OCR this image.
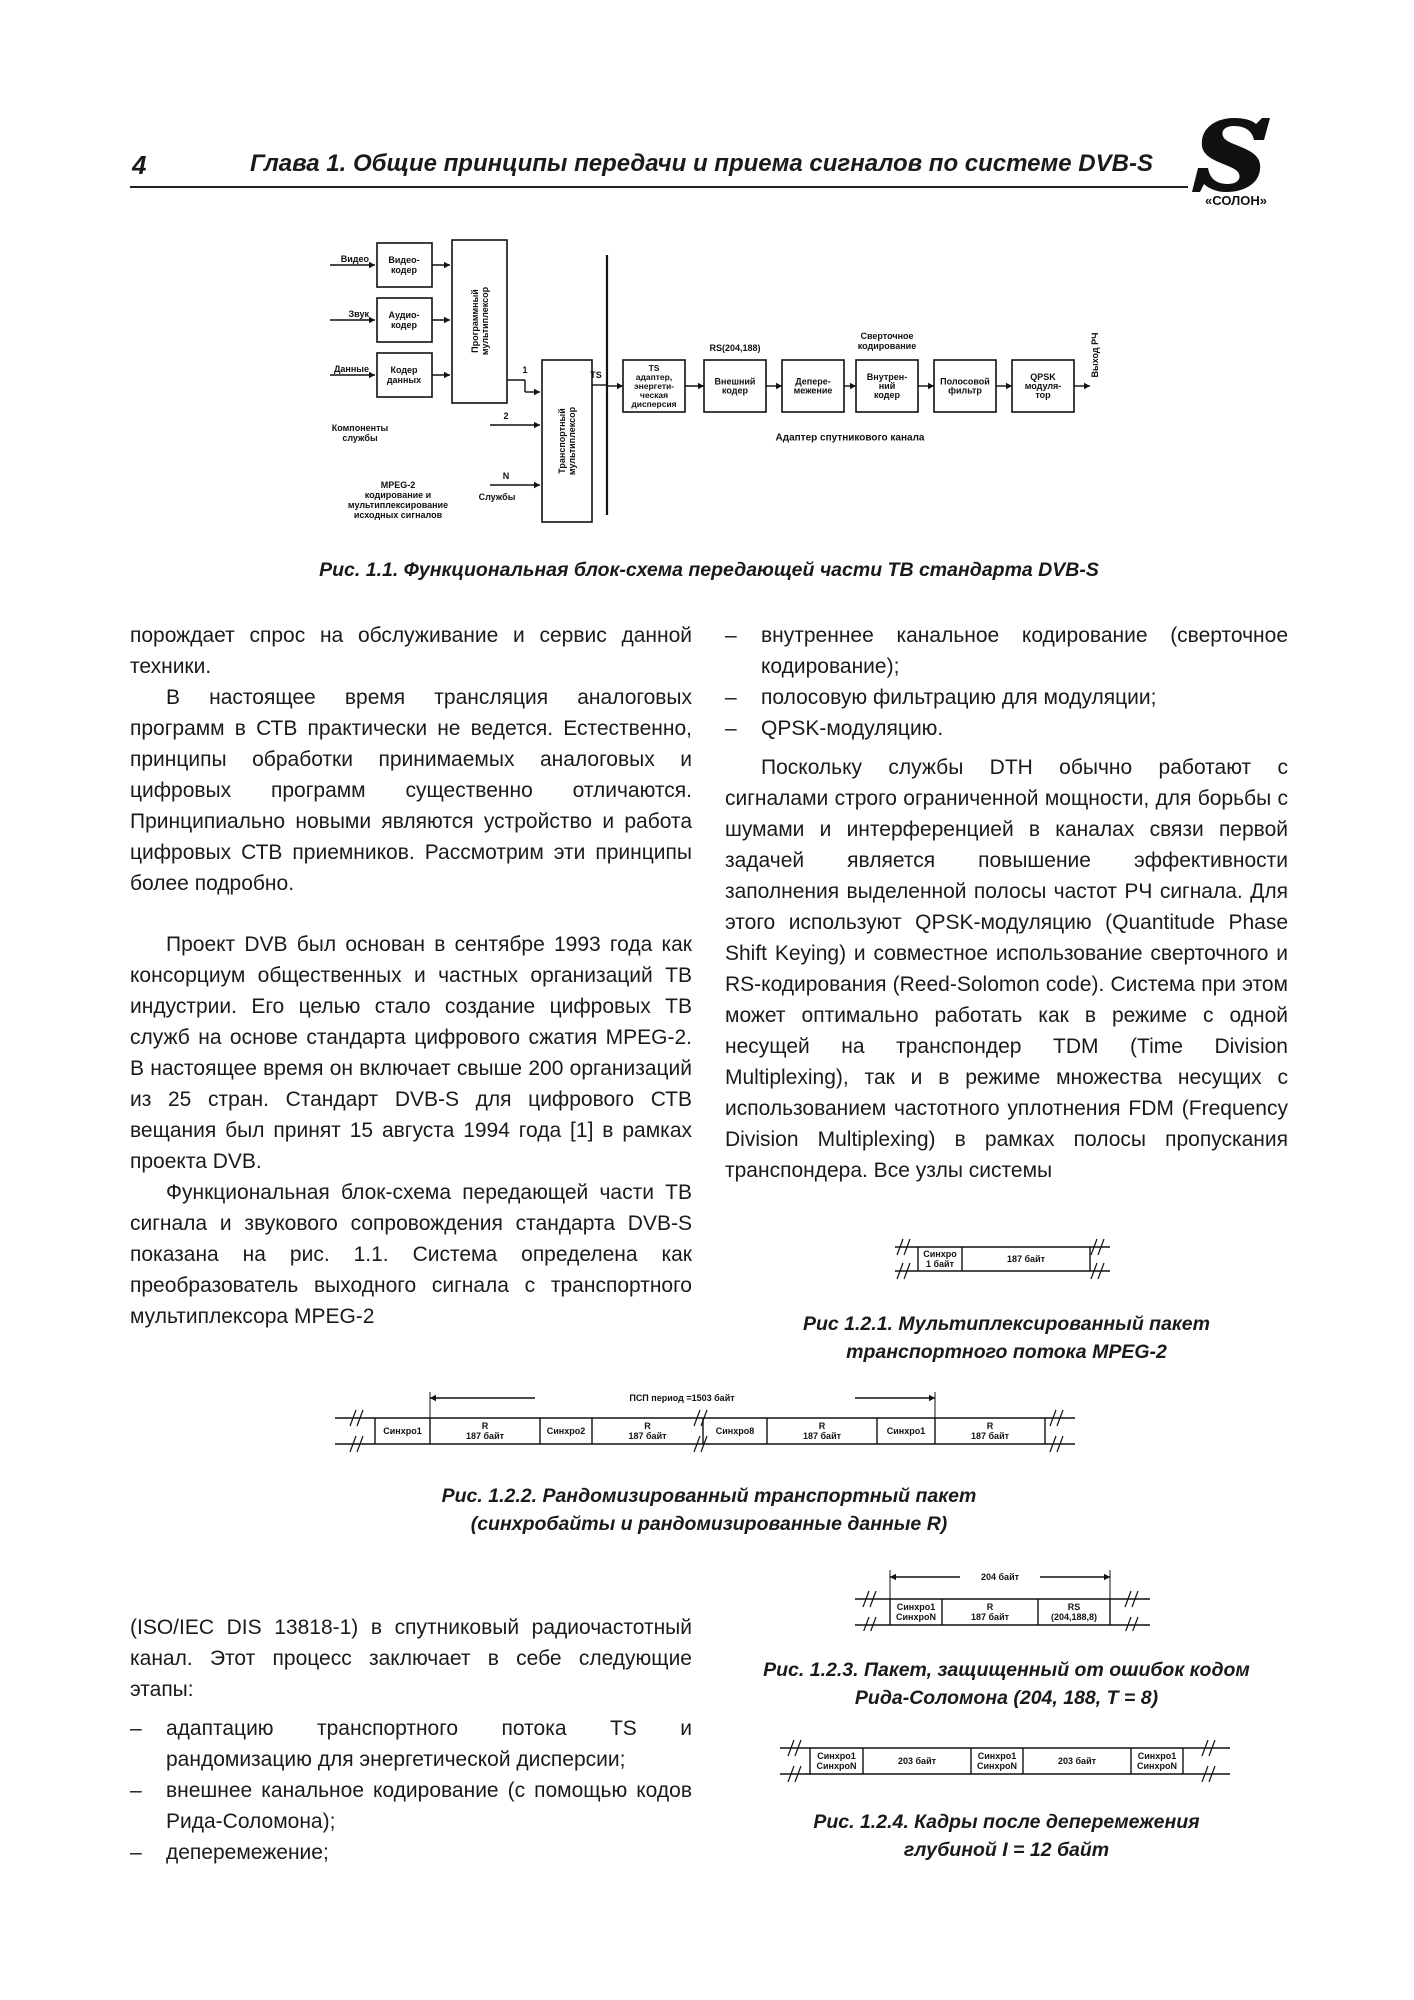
4	Глава 1. Общие принципы передачи и приема сигналов по системе DVB-S
«СОЛОН»
Видео Видео-кодер
Звук Аудио-кодер
Данные	Кодер данных
Программныймультиплексор
Компоненты службы
MPEG-2 кодирование и мультиплексирование исходных сигналов
1
2
N
Службы
Транспортныймультиплексор
TS
TS адаптер, энергети-ческая дисперсия
Внешний кодер
Депере-межение
Внутрен-ний кодер
Полосовой фильтр
QPSK модуля-тор
RS(204,188)
Сверточное кодирование	Выход РЧ
Адаптер спутникового канала
Рис. 1.1. Функциональная блок-схема передающей части ТВ стандарта DVB-S

порождает спрос на обслуживание и сервис данной техники.

В настоящее время трансляция аналоговых программ в СТВ практически не ведется. Естественно, принципы обработки принимаемых аналоговых и цифровых программ существенно отличаются. Принципиально новыми являются устройство и работа цифровых СТВ приемников. Рассмотрим эти принципы более подробно.

Проект DVB был основан в сентябре 1993 года как консорциум общественных и частных организаций ТВ индустрии. Его целью стало создание цифровых ТВ служб на основе стандарта цифрового сжатия MPEG-2. В настоящее время он включает свыше 200 организаций из 25 стран. Стандарт DVB-S для цифрового СТВ вещания был принят 15 августа 1994 года [1] в рамках проекта DVB.

Функциональная блок-схема передающей части ТВ сигнала и звукового сопровождения стандарта DVB-S показана на рис. 1.1. Система определена как преобразователь выходного сигнала с транспортного мультиплексора MPEG-2

– внутреннее канальное кодирование (сверточное кодирование);
– полосовую фильтрацию для модуляции;
– QPSK-модуляцию.

Поскольку службы DTH обычно работают с сигналами строго ограниченной мощности, для борьбы с шумами и интерференцией в каналах связи первой задачей является повышение эффективности заполнения выделенной полосы частот РЧ сигнала. Для этого используют QPSK-модуляцию (Quantitude Phase Shift Keying) и совместное использование сверточного и RS-кодирования (Reed-Solomon code). Система при этом может оптимально работать как в режиме с одной несущей на транспондер TDM (Time Division Multiplexing), так и в режиме множества несущих с использованием частотного уплотнения FDM (Frequency Division Multiplexing) в рамках полосы пропускания транспондера. Все узлы системы

Синхро 1 байт	187 байт
Рис 1.2.1. Мультиплексированный пакет
транспортного потока MPEG-2
Синхро1	R 187 байт	Синхро2	R 187 байт	Синхро8	R 187 байт	Синхро1	R 187 байт
ПСП период =1503 байт
Рис. 1.2.2. Рандомизированный транспортный пакет
(синхробайты и рандомизированные данные R)

(ISO/IEC DIS 13818-1) в спутниковый радиочастотный канал. Этот процесс заключает в себе следующие этапы:

– адаптацию транспортного потока TS и рандомизацию для энергетической дисперсии;
– внешнее канальное кодирование (с помощью кодов Рида-Соломона);
– деперемежение;
Синхро1 СинхроN
R 187 байт
RS (204,188,8)
204 байт
Рис. 1.2.3. Пакет, защищенный от ошибок кодом
Рида-Соломона (204, 188, T = 8)
Синхро1 СинхроN	203 байт	Синхро1 СинхроN	203 байт	Синхро1 СинхроN
Рис. 1.2.4. Кадры после деперемежения
глубиной I = 12 байт
